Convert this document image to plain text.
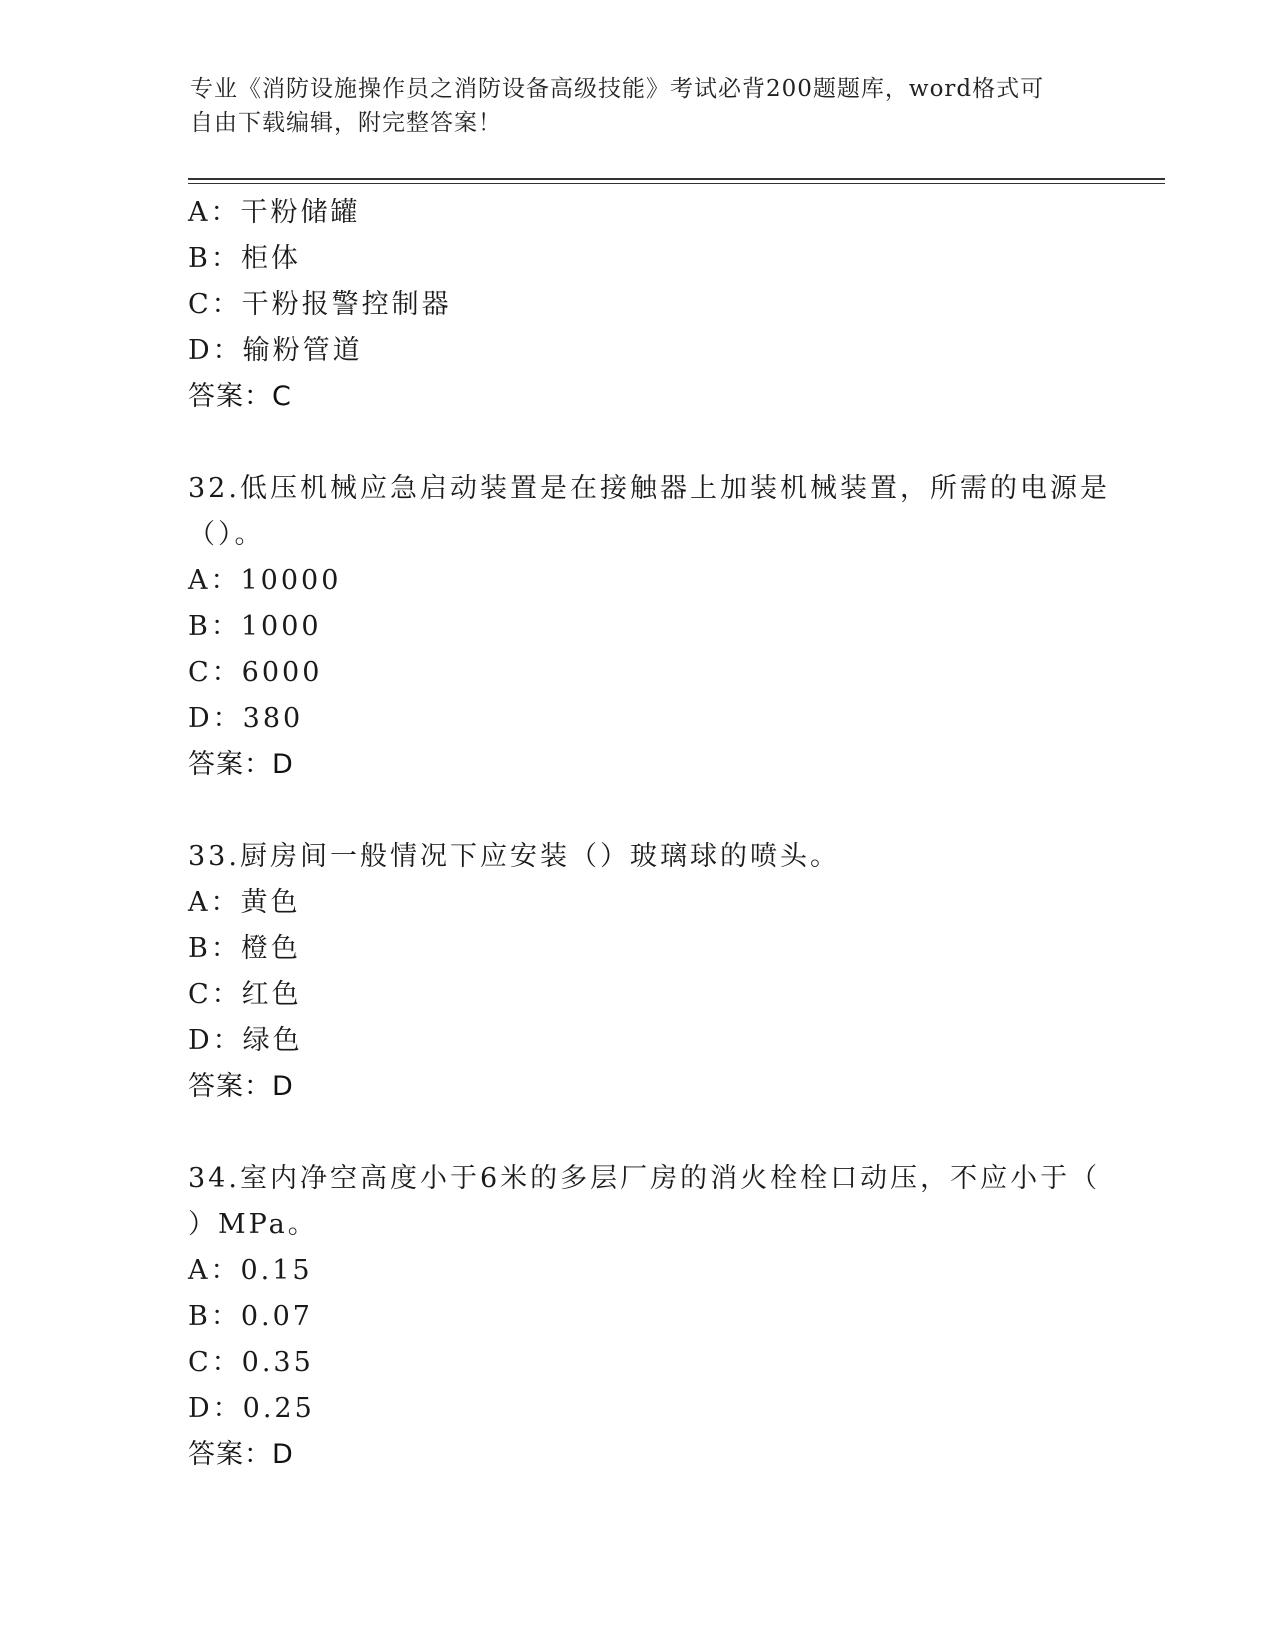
专业《消防设施操作员之消防设备高级技能》考试必背200题题库，word格式可
自由下载编辑，附完整答案！
A：干粉储罐
B：柜体
C：干粉报警控制器
D：输粉管道
答案：C
32.低压机械应急启动装置是在接触器上加装机械装置，所需的电源是
（）。
A：10000
B：1000
C：6000
D：380
答案：D
33.厨房间一般情况下应安装（）玻璃球的喷头。
A：黄色
B：橙色
C：红色
D：绿色
答案：D
34.室内净空高度小于6米的多层厂房的消火栓栓口动压，不应小于（
）MPa。
A：0.15
B：0.07
C：0.35
D：0.25
答案：D
